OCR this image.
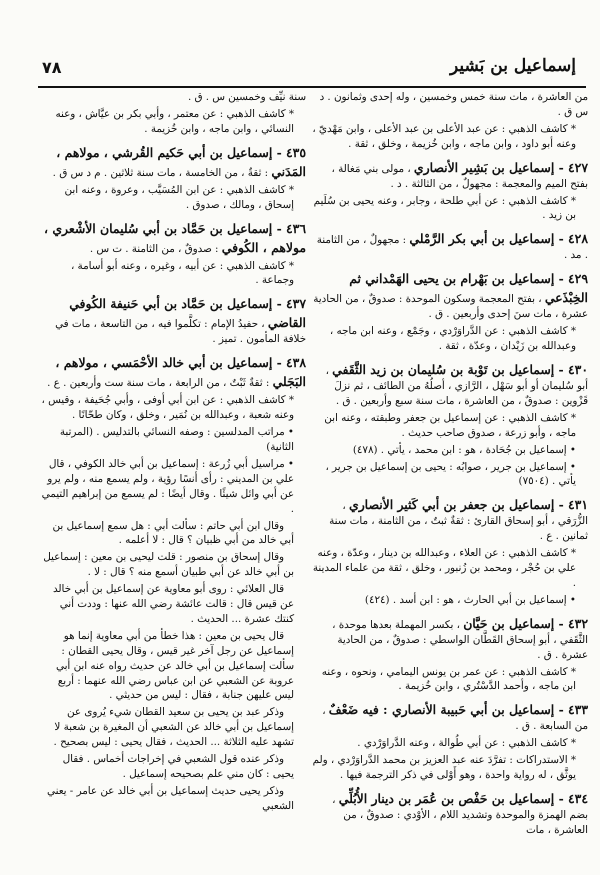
إسماعيل بن بَشير
٧٨

من العاشرة ، مات سنة خمس وخمسين ، وله إحدى وثمانون . د س ق .

* كاشف الذهبي : عن عبد الأعلى بن عبد الأعلى ، وابن مَهْديّ ، وعنه أبو داود ، وابن ماجه ، وابن خُزيمة ، وخلق ، ثقة .

٤٢٧ - إسماعيل بن بَشِير الأنصاري ، مولى بني مَغالة ، بفتح الميم والمعجمة : مجهولٌ ، من الثالثة . د .

* كاشف الذهبي : عن أبي طلحة ، وجابر ، وعنه يحيى بن سُلَيم بن زيد .

٤٢٨ - إسماعيل بن أبي بكر الرَّمْلي : مجهولٌ ، من الثامنة . مد .

٤٢٩ - إسماعيل بن بَهْرام بن يحيى الهَمْداني ثم الخِبْذَعي ، بفتح المعجمة وسكون الموحدة : صدوقٌ ، من الحادية عشرة ، مات سنَ إحدى وأربعين . ق .

* كاشف الذهبي : عن الدَّراوَرْدي ، وجَمْع ، وعنه ابن ماجه ، وعبدالله بن زَيْدان ، وعدّة ، ثقة .

٤٣٠ - إسماعيل بن تَوْبة بن سُليمان بن زيد الثَّقَفي ، أبو سُليمان أو أبو سَهْل ، الرَّازي ، أصلُهُ من الطائف ، ثم نزلَ قَزْوين : صدوقٌ ، من العاشرة ، مات سنة سبع وأربعين . ق .

* كاشف الذهبي : عن إسماعيل بن جعفر وطبقته ، وعنه ابن ماجه ، وأبو زرعة ، صدوق صاحب حديث .

• إسماعيل بن جُحَادة ، هو : ابن محمد ، يأتي . (٤٧٨)

• إسماعيل بن جرير ، صوابُه : يحيى بن إسماعيل بن جرير ، يأتي . (٧٥٠٤)

٤٣١ - إسماعيل بن جعفر بن أبي كَثير الأنصاري ، الزُّرَقي ، أبو إسحاق القارئ : ثقةٌ ثبتٌ ، من الثامنة ، مات سنة ثمانين . ع .

* كاشف الذهبي : عن العلاء ، وعبدالله بن دينار ، وعدّة ، وعنه علي بن حُجْر ، ومحمد بن زُنبور ، وخلق ، ثقة من علماء المدينة .

• إسماعيل بن أبي الحارث ، هو : ابن أسد . (٤٢٤)

٤٣٢ - إسماعيل بن حَيَّان ، بكسر المهملة بعدها موحدة ، الثَّقَفي ، أبو إسحاق القَطَّان الواسطي : صدوقٌ ، من الحادية عشرة . ق .

* كاشف الذهبي : عن عمر بن يونس اليمامي ، ونحوه ، وعنه ابن ماجه ، وأحمد الدَّسْتُري ، وابن خُزيمة .

٤٣٣ - إسماعيل بن أبي حَبيبة الأنصاري : فيه ضَعْفٌ ، من السابعة . ق .

* كاشف الذهبي : عن أبي طُوالة ، وعنه الدَّراوَرْدي .

* الاستدراكات : تفرَّدَ عنه عبد العزيز بن محمد الدَّراوَرْدي ، ولم يوثَّق ، له رواية واحدة ، وهو أَوْلى في ذكر الترجمة فيها .

٤٣٤ - إسماعيل بن حَفْص بن عُمَر بن دينار الأُبُلِّي ، بضم الهمزة والموحدة وتشديد اللام ، الأوْدي : صدوقٌ ، من العاشرة ، مات

سنة نيِّف وخمسين س . ق .

* كاشف الذهبي : عن معتمر ، وأبي بكر بن عيَّاش ، وعنه النسائي ، وابن ماجه ، وابن خُزيمة .

٤٣٥ - إسماعيل بن أبي حَكيم القُرشي ، مولاهم ، المَدَني : ثقةٌ ، من الخامسة ، مات سنة ثلاثين . م د س ق .

* كاشف الذهبي : عن ابن المُسَيَّب ، وعروة ، وعنه ابن إسحاق ، ومالك ، صدوق .

٤٣٦ - إسماعيل بن حَمَّاد بن أبي سُليمان الأشْعري ، مولاهم ، الكُوفي : صدوقٌ ، من الثامنة . ت س .

* كاشف الذهبي : عن أبيه ، وغيره ، وعنه أبو أسامة ، وجماعة .

٤٣٧ - إسماعيل بن حَمَّاد بن أبي حَنيفة الكُوفي القاضي ، حفيدُ الإمام : تكلَّموا فيه ، من التاسعة ، مات في خلافة المأمون . تميز .

٤٣٨ - إسماعيل بن أبي خالد الأحْمَسي ، مولاهم ، البَجَلي : ثقةٌ ثَبْتٌ ، من الرابعة ، مات سنة ست وأربعين . ع .

* كاشف الذهبي : عن ابن أبي أوفى ، وأبي جُحَيفة ، وقيس ، وعنه شعبة ، وعبدالله بن نُمَير ، وخلق ، وكان طحّانًا .

• مراتب المدلسين : وصفه النسائي بالتدليس . (المرتبة الثانية)

• مراسيل أبي زُرعة : إسماعيل بن أبي خالد الكوفي ، قال علي بن المديني : رأى أنسًا رؤية ، ولم يسمع منه ، ولم يرو عن أبي وائل شيئًا . وقال أيضًا : لم يسمع من إبراهيم التيمي .

وقال ابن أبي حاتم : سألت أبي : هل سمع إسماعيل بن أبي خالد من أبي ظبيان ؟ قال : لا أعلمه .

وقال إسحاق بن منصور : قلت ليحيى بن معين : إسماعيل بن أبي خالد عن أبي طبيان أسمع منه ؟ قال : لا .

قال العلائي : روى أبو معاوية عن إسماعيل بن أبي خالد عن قيس قال : قالت عائشة رضي الله عنها : وددت أني كنتك عشرة ... الحديث .

قال يحيى بن معين : هذا خطأ من أبي معاوية إنما هو إسماعيل عن رجل آخر غير قيس ، وقال يحيى القطان : سألت إسماعيل بن أبي خالد عن حديث رواه عنه ابن أبي عروبة عن الشعبي عن ابن عباس رضي الله عنهما : أربع ليس عليهن جنابة ، فقال : ليس من حديثي .

وذكر عبد بن يحيى بن سعيد القطان شيء يُروى عن إسماعيل بن أبي خالد عن الشعبي أن المغيرة بن شعبة لا تشهد عليه الثلاثة ... الحديث ، فقال يحيى : ليس بصحيح .

وذكر عنده قول الشعبي في إخراجات أخماس . فقال يحيى : كان مني علم بصحيحه إسماعيل .

وذكر يحيى حديث إسماعيل بن أبي خالد عن عامر - يعني الشعبي
